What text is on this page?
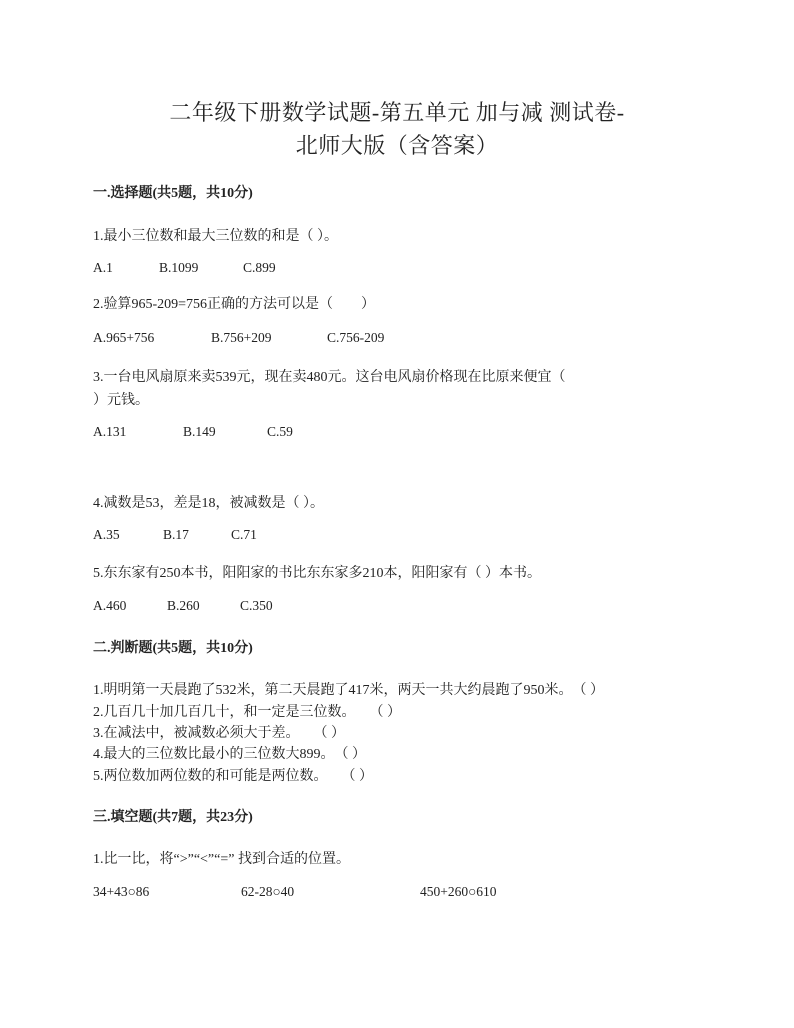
二年级下册数学试题-第五单元 加与减 测试卷-
北师大版（含答案）
一.选择题(共5题，共10分)
1.最小三位数和最大三位数的和是（ ）。
A.1	B.1099	C.899
2.验算965-209=756正确的方法可以是（　　）
A.965+756	B.756+209	C.756-209
3.一台电风扇原来卖539元，现在卖480元。这台电风扇价格现在比原来便宜（
）元钱。
A.131	B.149	C.59
4.减数是53，差是18，被减数是（ ）。
A.35	B.17	C.71
5.东东家有250本书，阳阳家的书比东东家多210本，阳阳家有（ ）本书。
A.460	B.260	C.350
二.判断题(共5题，共10分)
1.明明第一天晨跑了532米，第二天晨跑了417米，两天一共大约晨跑了950米。　（ ）
2.几百几十加几百几十，和一定是三位数。　　（ ）
3.在减法中，被减数必须大于差。　　（ ）
4.最大的三位数比最小的三位数大899。　（ ）
5.两位数加两位数的和可能是两位数。　　（ ）
三.填空题(共7题，共23分)
1.比一比，将“>”“<”“=” 找到合适的位置。
34+43○86	62-28○40	450+260○610
